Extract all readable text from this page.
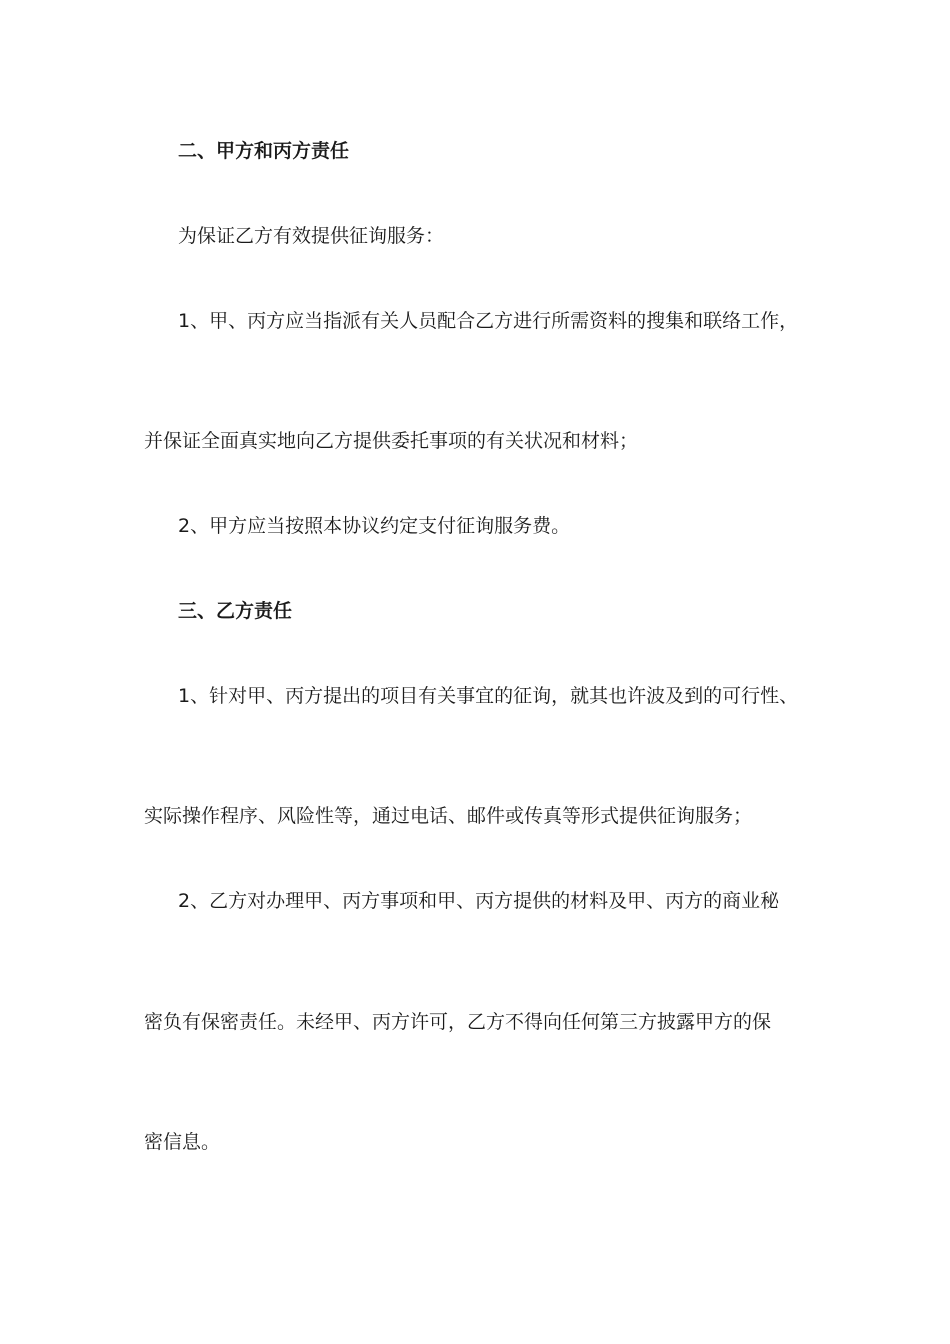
二、甲方和丙方责任
为保证乙方有效提供征询服务：
1、甲、丙方应当指派有关人员配合乙方进行所需资料的搜集和联络工作，
并保证全面真实地向乙方提供委托事项的有关状况和材料；
2、甲方应当按照本协议约定支付征询服务费。
三、乙方责任
1、针对甲、丙方提出的项目有关事宜的征询，就其也许波及到的可行性、
实际操作程序、风险性等，通过电话、邮件或传真等形式提供征询服务；
2、乙方对办理甲、丙方事项和甲、丙方提供的材料及甲、丙方的商业秘
密负有保密责任。未经甲、丙方许可，乙方不得向任何第三方披露甲方的保
密信息。
